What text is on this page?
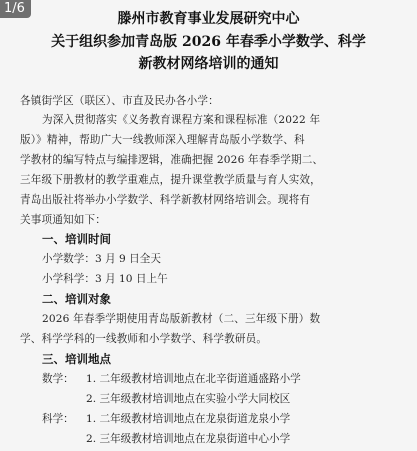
1/6
滕州市教育事业发展研究中心
关于组织参加青岛版 2026 年春季小学数学、科学
新教材网络培训的通知
各镇街学区（联区）、市直及民办各小学：
为深入贯彻落实《义务教育课程方案和课程标准（2022 年
版）》精神，帮助广大一线教师深入理解青岛版小学数学、科
学教材的编写特点与编排逻辑，准确把握 2026 年春季学期二、
三年级下册教材的教学重难点，提升课堂教学质量与育人实效，
青岛出版社将举办小学数学、科学新教材网络培训会。现将有
关事项通知如下：
一、培训时间
小学数学：3 月 9 日全天
小学科学：3 月 10 日上午
二、培训对象
2026 年春季学期使用青岛版新教材（二、三年级下册）数
学、科学学科的一线教师和小学数学、科学教研员。
三、培训地点
数学： 1. 二年级教材培训地点在北辛街道通盛路小学
2. 三年级教材培训地点在实验小学大同校区
科学： 1. 二年级教材培训地点在龙泉街道龙泉小学
2. 三年级教材培训地点在龙泉街道中心小学
